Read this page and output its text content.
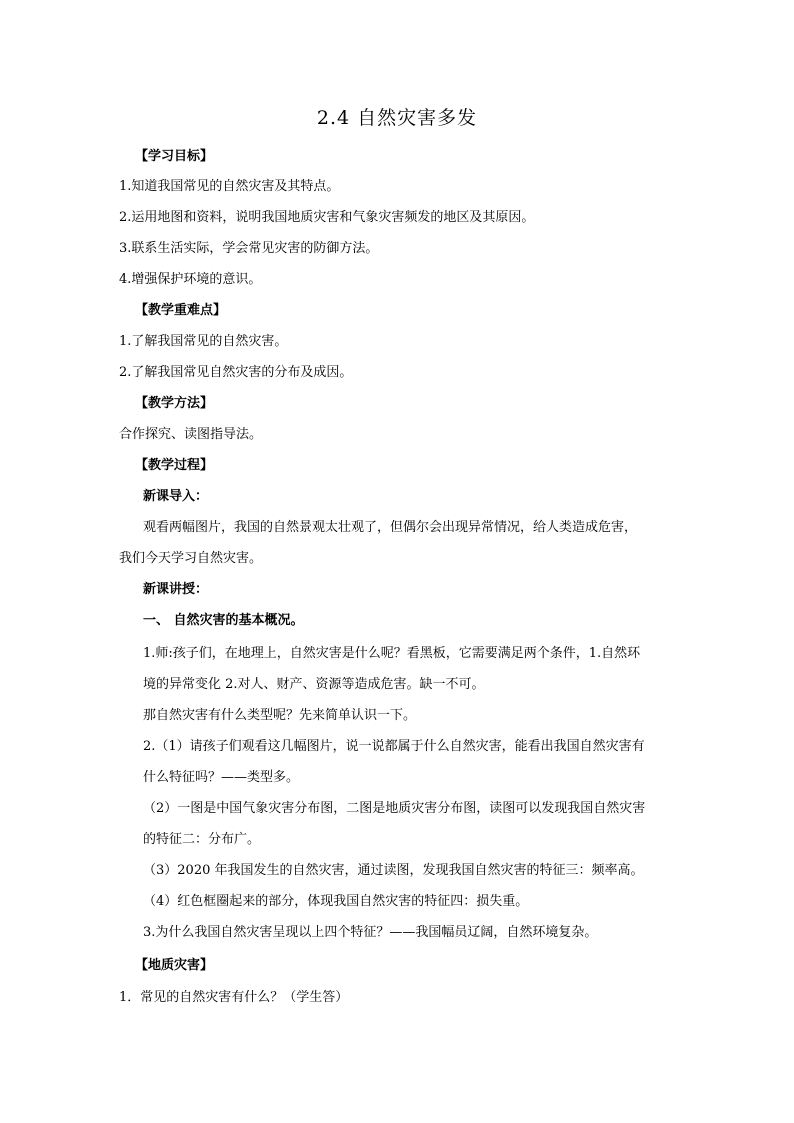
2.4 自然灾害多发
【学习目标】
1.知道我国常见的自然灾害及其特点。
2.运用地图和资料，说明我国地质灾害和气象灾害频发的地区及其原因。
3.联系生活实际，学会常见灾害的防御方法。
4.增强保护环境的意识。
【教学重难点】
1.了解我国常见的自然灾害。
2.了解我国常见自然灾害的分布及成因。
【教学方法】
合作探究、读图指导法。
【教学过程】
新课导入：
观看两幅图片，我国的自然景观太壮观了，但偶尔会出现异常情况，给人类造成危害，
我们今天学习自然灾害。
新课讲授：
一、 自然灾害的基本概况。
1.师:孩子们，在地理上，自然灾害是什么呢？看黑板，它需要满足两个条件，1.自然环
境的异常变化 2.对人、财产、资源等造成危害。缺一不可。
那自然灾害有什么类型呢？先来简单认识一下。
2.（1）请孩子们观看这几幅图片，说一说都属于什么自然灾害，能看出我国自然灾害有
什么特征吗？——类型多。
（2）一图是中国气象灾害分布图，二图是地质灾害分布图，读图可以发现我国自然灾害
的特征二：分布广。
（3）2020 年我国发生的自然灾害，通过读图，发现我国自然灾害的特征三：频率高。
（4）红色框圈起来的部分，体现我国自然灾害的特征四：损失重。
3.为什么我国自然灾害呈现以上四个特征？——我国幅员辽阔，自然环境复杂。
【地质灾害】
1．常见的自然灾害有什么？（学生答）
